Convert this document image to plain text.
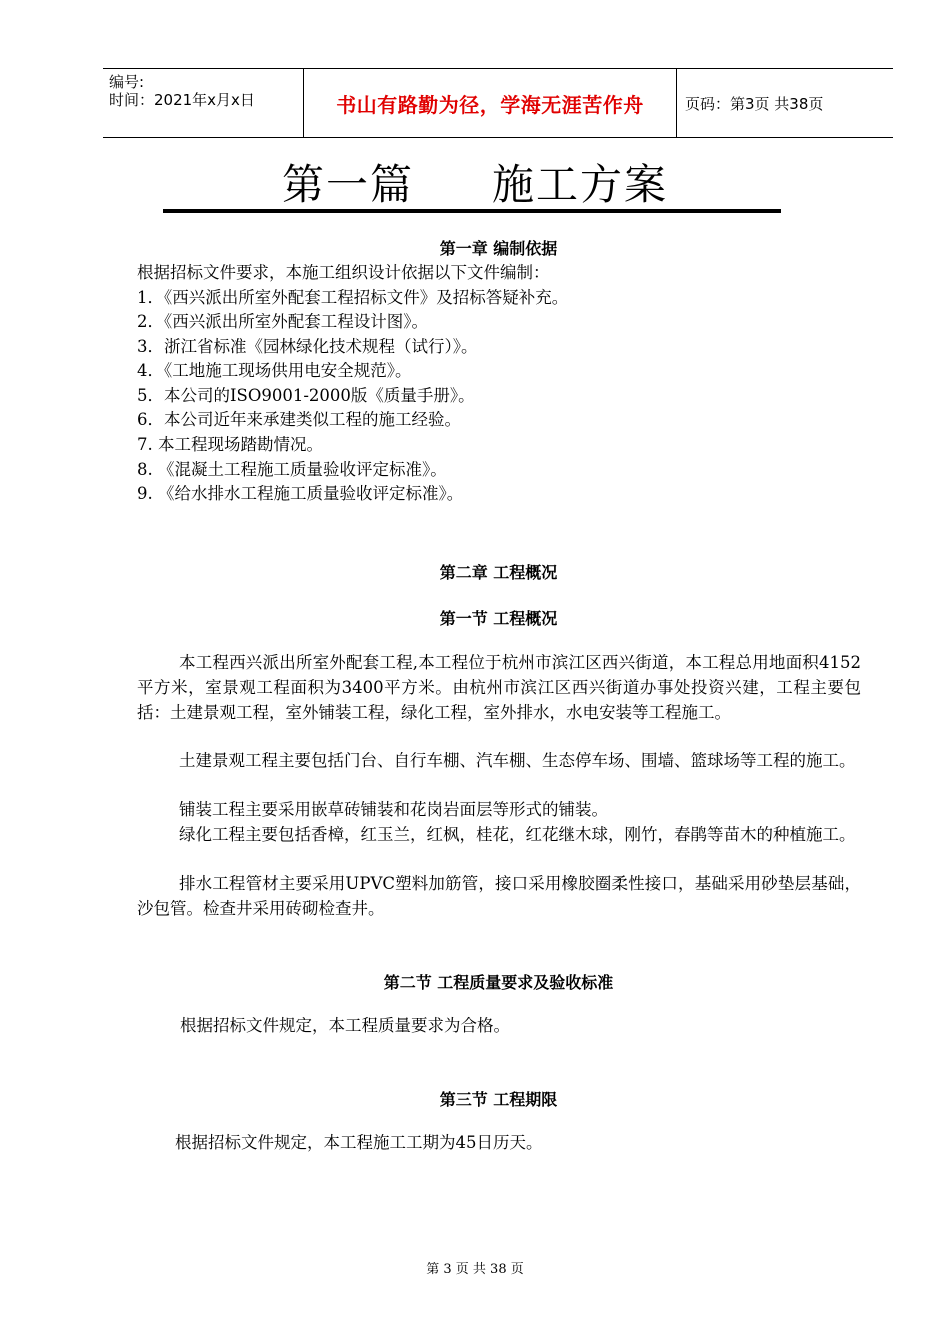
编号:
时间：2021年x月x日	书山有路勤为径，学海无涯苦作舟	页码：第3页 共38页
第一篇 施工方案
第一章 编制依据
根据招标文件要求，本施工组织设计依据以下文件编制：
1．《西兴派出所室外配套工程招标文件》及招标答疑补充。
2．《西兴派出所室外配套工程设计图》。
3．浙江省标准《园林绿化技术规程（试行）》。
4．《工地施工现场供用电安全规范》。
5．本公司的ISO9001-2000版《质量手册》。
6．本公司近年来承建类似工程的施工经验。
7. 本工程现场踏勘情况。
8. 《混凝土工程施工质量验收评定标准》。
9. 《给水排水工程施工质量验收评定标准》。
第二章 工程概况
第一节 工程概况
本工程西兴派出所室外配套工程,本工程位于杭州市滨江区西兴街道，本工程总用地面积4152平方米，室景观工程面积为3400平方米。由杭州市滨江区西兴街道办事处投资兴建，工程主要包括：土建景观工程，室外铺装工程，绿化工程，室外排水，水电安装等工程施工。
土建景观工程主要包括门台、自行车棚、汽车棚、生态停车场、围墙、篮球场等工程的施工。
铺装工程主要采用嵌草砖铺装和花岗岩面层等形式的铺装。
绿化工程主要包括香樟，红玉兰，红枫，桂花，红花继木球，刚竹，春鹃等苗木的种植施工。
排水工程管材主要采用UPVC塑料加筋管，接口采用橡胶圈柔性接口，基础采用砂垫层基础，沙包管。检查井采用砖砌检查井。
第二节 工程质量要求及验收标准
根据招标文件规定，本工程质量要求为合格。
第三节 工程期限
根据招标文件规定，本工程施工工期为45日历天。
第 3 页 共 38 页
